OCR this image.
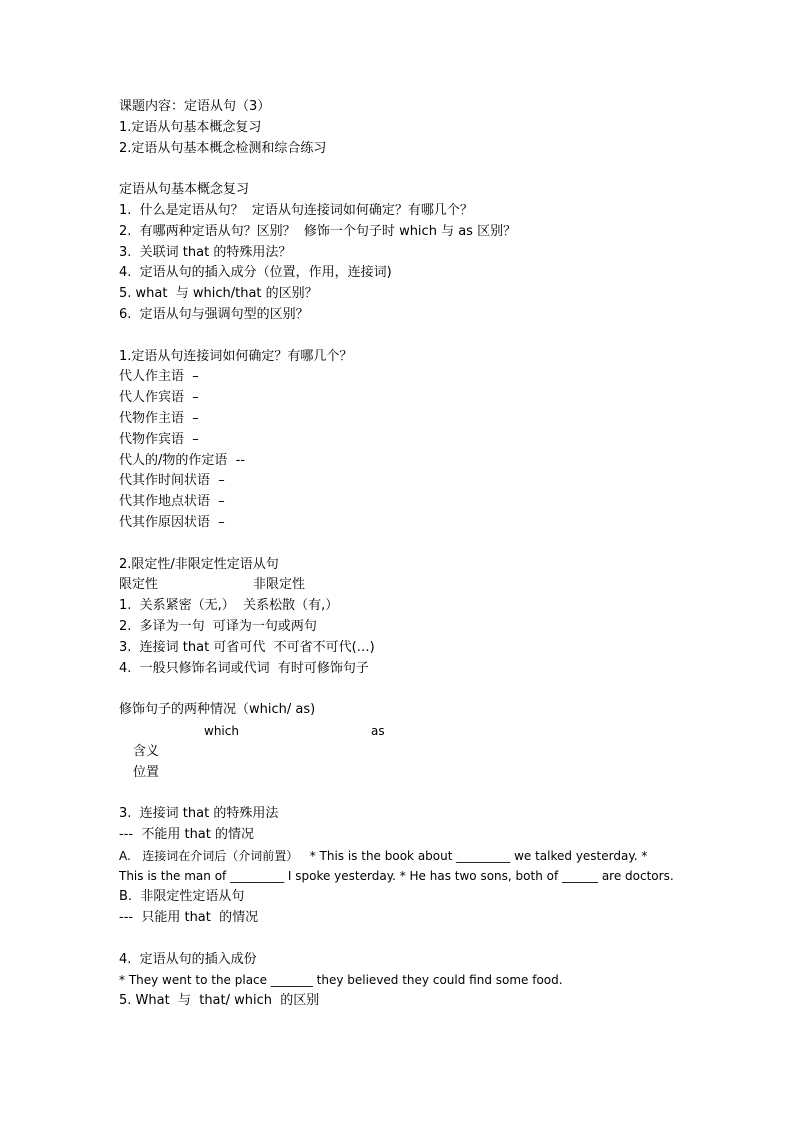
课题内容：定语从句（3）
1.定语从句基本概念复习
2.定语从句基本概念检测和综合练习
定语从句基本概念复习
1.  什么是定语从句？  定语从句连接词如何确定？有哪几个？
2.  有哪两种定语从句？区别？  修饰一个句子时 which 与 as 区别？
3.  关联词 that 的特殊用法？
4.  定语从句的插入成分（位置，作用，连接词)
5. what  与 which/that 的区别？
6.  定语从句与强调句型的区别？
1.定语从句连接词如何确定？有哪几个？
代人作主语  –
代人作宾语  –
代物作主语  –
代物作宾语  –
代人的/物的作定语  --
代其作时间状语  –
代其作地点状语  –
代其作原因状语  –
2.限定性/非限定性定语从句
限定性                       非限定性
1.  关系紧密（无,）  关系松散（有,）
2.  多译为一句  可译为一句或两句
3.  连接词 that 可省可代  不可省不可代(…)
4.  一般只修饰名词或代词  有时可修饰句子
修饰句子的两种情况（which/ as)
which	as
含义
位置
3.  连接词 that 的特殊用法
---  不能用 that 的情况
A.   连接词在介词后（介词前置）   * This is the book about _________ we talked yesterday. *
This is the man of _________ I spoke yesterday. * He has two sons, both of ______ are doctors.
B.  非限定性定语从句
---  只能用 that  的情况
4.  定语从句的插入成份
* They went to the place _______ they believed they could find some food.
5. What  与  that/ which  的区别
